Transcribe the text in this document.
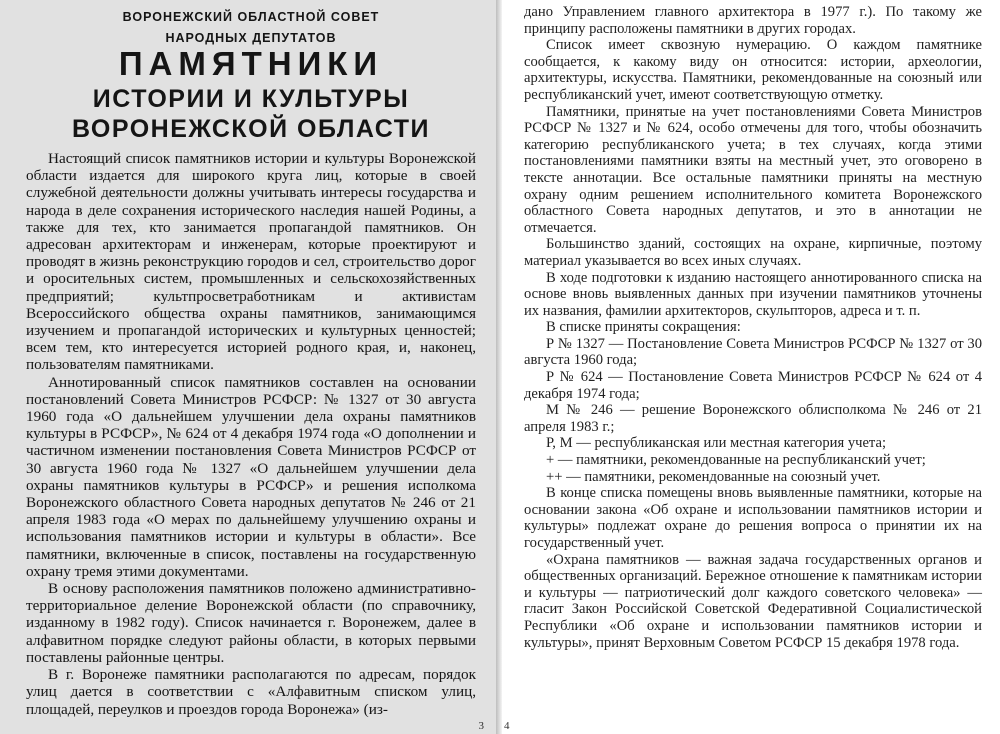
ВОРОНЕЖСКИЙ ОБЛАСТНОЙ СОВЕТ
НАРОДНЫХ ДЕПУТАТОВ
ПАМЯТНИКИ
ИСТОРИИ И КУЛЬТУРЫ
ВОРОНЕЖСКОЙ ОБЛАСТИ

Настоящий список памятников истории и культуры Воронежской области издается для широкого круга лиц, которые в своей служебной деятельности должны учитывать интересы государства и народа в деле сохранения исторического наследия нашей Родины, а также для тех, кто занимается пропагандой памятников. Он адресован архитекторам и инженерам, которые проектируют и проводят в жизнь реконструкцию городов и сел, строительство дорог и оросительных систем, промышленных и сельскохозяйственных предприятий; культпросветработникам и активистам Всероссийского общества охраны памятников, занимающимся изучением и пропагандой исторических и культурных ценностей; всем тем, кто интересуется историей родного края, и, наконец, пользователям памятниками.

Аннотированный список памятников составлен на основании постановлений Совета Министров РСФСР: № 1327 от 30 августа 1960 года «О дальнейшем улучшении дела охраны памятников культуры в РСФСР», № 624 от 4 декабря 1974 года «О дополнении и частичном изменении постановления Совета Министров РСФСР от 30 августа 1960 года № 1327 «О дальнейшем улучшении дела охраны памятников культуры в РСФСР» и решения исполкома Воронежского областного Совета народных депутатов № 246 от 21 апреля 1983 года «О мерах по дальнейшему улучшению охраны и использования памятников истории и культуры в области». Все памятники, включенные в список, поставлены на государственную охрану тремя этими документами.

В основу расположения памятников положено административно-территориальное деление Воронежской области (по справочнику, изданному в 1982 году). Список начинается г. Воронежем, далее в алфавитном порядке следуют районы области, в которых первыми поставлены районные центры.

В г. Воронеже памятники располагаются по адресам, порядок улиц дается в соответствии с «Алфавитным списком улиц, площадей, переулков и проездов города Воронежа» (из-

3

дано Управлением главного архитектора в 1977 г.). По такому же принципу расположены памятники в других городах.

Список имеет сквозную нумерацию. О каждом памятнике сообщается, к какому виду он относится: истории, археологии, архитектуры, искусства. Памятники, рекомендованные на союзный или республиканский учет, имеют соответствующую отметку.

Памятники, принятые на учет постановлениями Совета Министров РСФСР № 1327 и № 624, особо отмечены для того, чтобы обозначить категорию республиканского учета; в тех случаях, когда этими постановлениями памятники взяты на местный учет, это оговорено в тексте аннотации. Все остальные памятники приняты на местную охрану одним решением исполнительного комитета Воронежского областного Совета народных депутатов, и это в аннотации не отмечается.

Большинство зданий, состоящих на охране, кирпичные, поэтому материал указывается во всех иных случаях.

В ходе подготовки к изданию настоящего аннотированного списка на основе вновь выявленных данных при изучении памятников уточнены их названия, фамилии архитекторов, скульпторов, адреса и т. п.

В списке приняты сокращения:

Р № 1327 — Постановление Совета Министров РСФСР № 1327 от 30 августа 1960 года;

Р № 624 — Постановление Совета Министров РСФСР № 624 от 4 декабря 1974 года;

М № 246 — решение Воронежского облисполкома № 246 от 21 апреля 1983 г.;

Р, М — республиканская или местная категория учета;

+ — памятники, рекомендованные на республиканский учет;

++ — памятники, рекомендованные на союзный учет.

В конце списка помещены вновь выявленные памятники, которые на основании закона «Об охране и использовании памятников истории и культуры» подлежат охране до решения вопроса о принятии их на государственный учет.

«Охрана памятников — важная задача государственных органов и общественных организаций. Бережное отношение к памятникам истории и культуры — патриотический долг каждого советского человека» — гласит Закон Российской Советской Федеративной Социалистической Республики «Об охране и использовании памятников истории и культуры», принят Верховным Советом РСФСР 15 декабря 1978 года.

4
